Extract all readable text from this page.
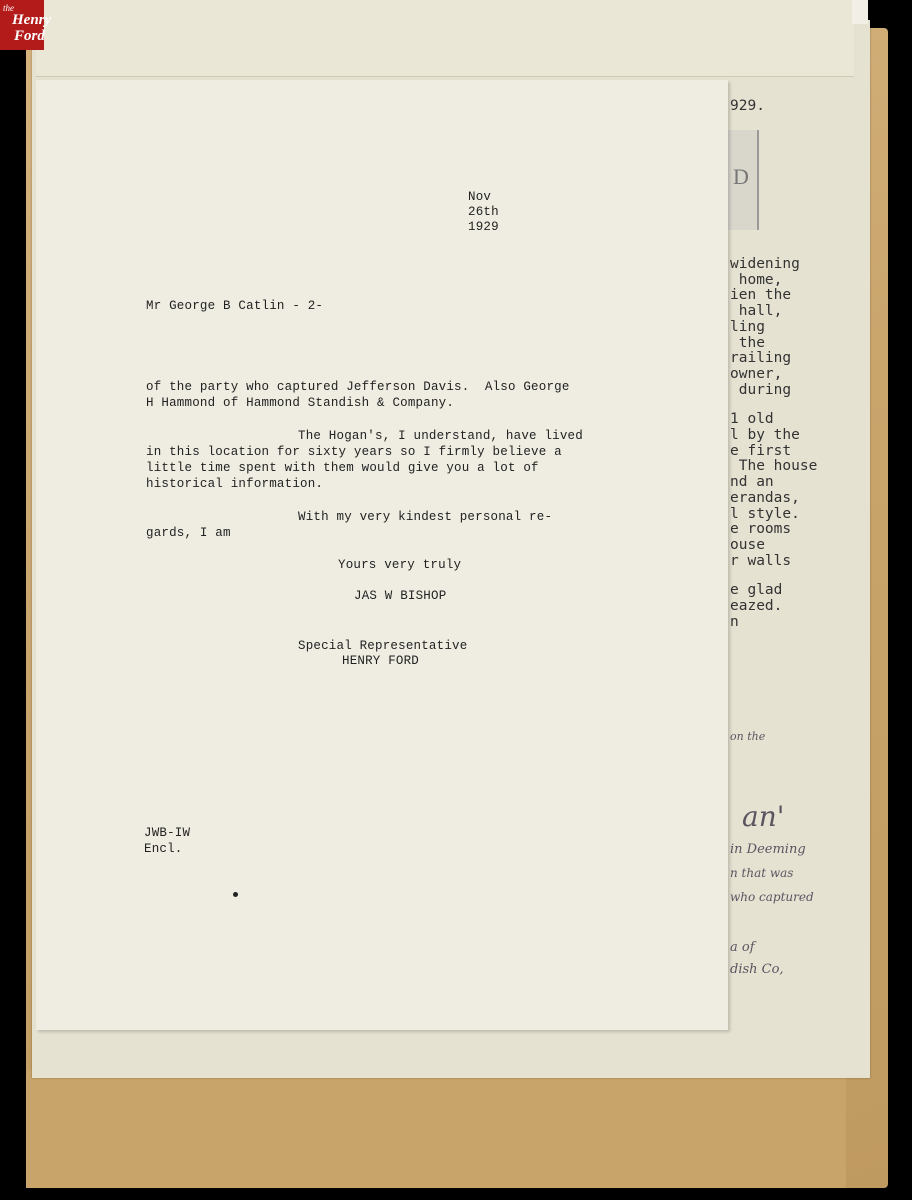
the
Henry
Ford
929.
D
widening
home,
ien the
hall,
ling
the
railing
owner,
during
1 old
l by the
e first
The house
nd an
erandas,
l style.
e rooms
ouse
r walls
e glad
eazed.
n
on the
an'
in Deeming
n that was
who captured
a of
dish Co,
Nov
26th
1929
Mr George B Catlin - 2-
of the party who captured Jefferson Davis.  Also George
H Hammond of Hammond Standish & Company.
The Hogan's, I understand, have lived
in this location for sixty years so I firmly believe a
little time spent with them would give you a lot of
historical information.
With my very kindest personal re-
gards, I am
Yours very truly
JAS W BISHOP
Special Representative
HENRY FORD
JWB-IW
Encl.
